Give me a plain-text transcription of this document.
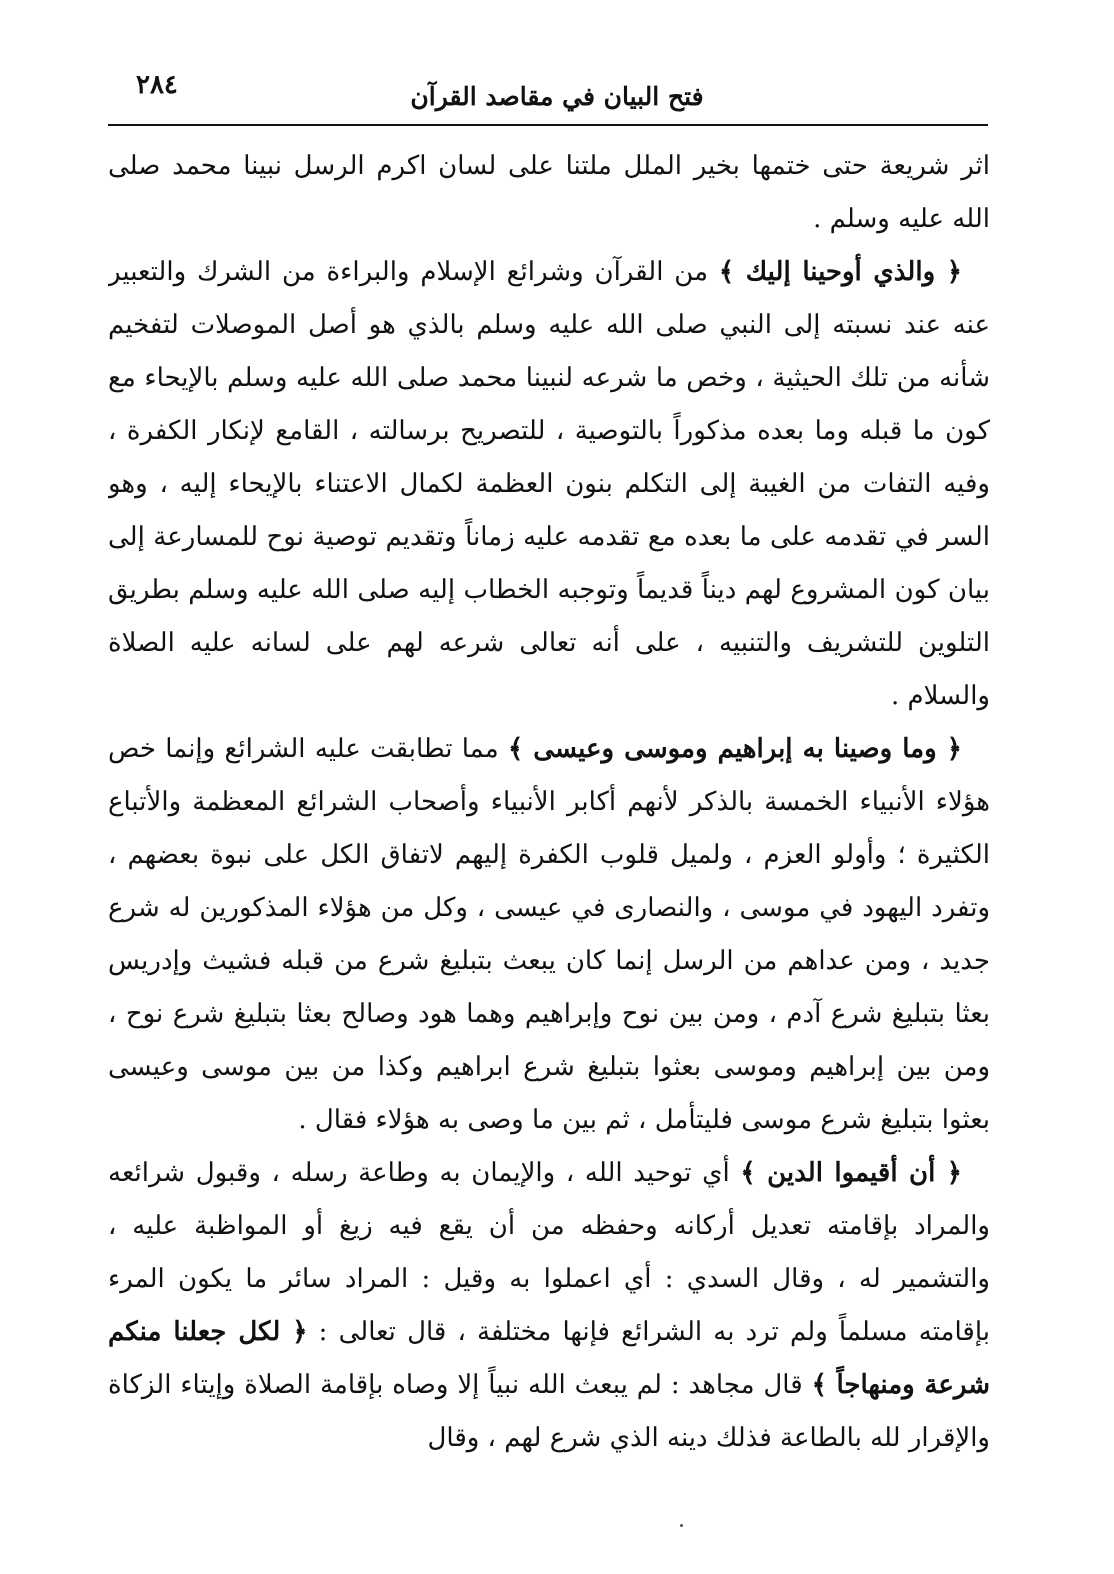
٢٨٤	فتح البيان في مقاصد القرآن

اثر شريعة حتى ختمها بخير الملل ملتنا على لسان اكرم الرسل نبينا محمد صلى الله عليه وسلم .

﴿ والذي أوحينا إليك ﴾ من القرآن وشرائع الإسلام والبراءة من الشرك والتعبير عنه عند نسبته إلى النبي صلى الله عليه وسلم بالذي هو أصل الموصلات لتفخيم شأنه من تلك الحيثية ، وخص ما شرعه لنبينا محمد صلى الله عليه وسلم بالإيحاء مع كون ما قبله وما بعده مذكوراً بالتوصية ، للتصريح برسالته ، القامع لإنكار الكفرة ، وفيه التفات من الغيبة إلى التكلم بنون العظمة لكمال الاعتناء بالإيحاء إليه ، وهو السر في تقدمه على ما بعده مع تقدمه عليه زماناً وتقديم توصية نوح للمسارعة إلى بيان كون المشروع لهم ديناً قديماً وتوجبه الخطاب إليه صلى الله عليه وسلم بطريق التلوين للتشريف والتنبيه ، على أنه تعالى شرعه لهم على لسانه عليه الصلاة والسلام .

﴿ وما وصينا به إبراهيم وموسى وعيسى ﴾ مما تطابقت عليه الشرائع وإنما خص هؤلاء الأنبياء الخمسة بالذكر لأنهم أكابر الأنبياء وأصحاب الشرائع المعظمة والأتباع الكثيرة ؛ وأولو العزم ، ولميل قلوب الكفرة إليهم لاتفاق الكل على نبوة بعضهم ، وتفرد اليهود في موسى ، والنصارى في عيسى ، وكل من هؤلاء المذكورين له شرع جديد ، ومن عداهم من الرسل إنما كان يبعث بتبليغ شرع من قبله فشيث وإدريس بعثا بتبليغ شرع آدم ، ومن بين نوح وإبراهيم وهما هود وصالح بعثا بتبليغ شرع نوح ، ومن بين إبراهيم وموسى بعثوا بتبليغ شرع ابراهيم وكذا من بين موسى وعيسى بعثوا بتبليغ شرع موسى فليتأمل ، ثم بين ما وصى به هؤلاء فقال .

﴿ أن أقيموا الدين ﴾ أي توحيد الله ، والإيمان به وطاعة رسله ، وقبول شرائعه والمراد بإقامته تعديل أركانه وحفظه من أن يقع فيه زيغ أو المواظبة عليه ، والتشمير له ، وقال السدي : أي اعملوا به وقيل : المراد سائر ما يكون المرء بإقامته مسلماً ولم ترد به الشرائع فإنها مختلفة ، قال تعالى : ﴿ لكل جعلنا منكم شرعة ومنهاجاً ﴾ قال مجاهد : لم يبعث الله نبياً إلا وصاه بإقامة الصلاة وإيتاء الزكاة والإقرار لله بالطاعة فذلك دينه الذي شرع لهم ، وقال
